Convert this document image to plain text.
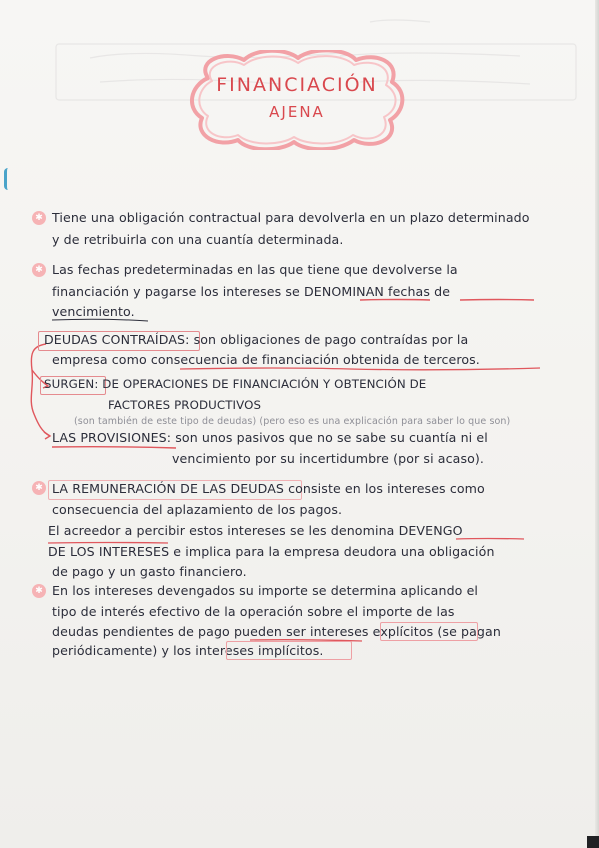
FINANCIACIÓN
AJENA
✱ Tiene una obligación contractual para devolverla en un plazo determinado
y de retribuirla con una cuantía determinada.
✱ Las fechas predeterminadas en las que tiene que devolverse la
financiación y pagarse los intereses se DENOMINAN fechas de
vencimiento.
DEUDAS CONTRAÍDAS: son obligaciones de pago contraídas por la
empresa como consecuencia de financiación obtenida de terceros.
SURGEN: DE OPERACIONES DE FINANCIACIÓN Y OBTENCIÓN DE
FACTORES PRODUCTIVOS
(son también de este tipo de deudas) (pero eso es una explicación para saber lo que son)
LAS PROVISIONES: son unos pasivos que no se sabe su cuantía ni el
vencimiento por su incertidumbre (por si acaso).
✱ LA REMUNERACIÓN DE LAS DEUDAS consiste en los intereses como
consecuencia del aplazamiento de los pagos.
El acreedor a percibir estos intereses se les denomina DEVENGO
DE LOS INTERESES e implica para la empresa deudora una obligación
de pago y un gasto financiero.
✱ En los intereses devengados su importe se determina aplicando el
tipo de interés efectivo de la operación sobre el importe de las
deudas pendientes de pago pueden ser intereses explícitos (se pagan
periódicamente) y los intereses implícitos.
